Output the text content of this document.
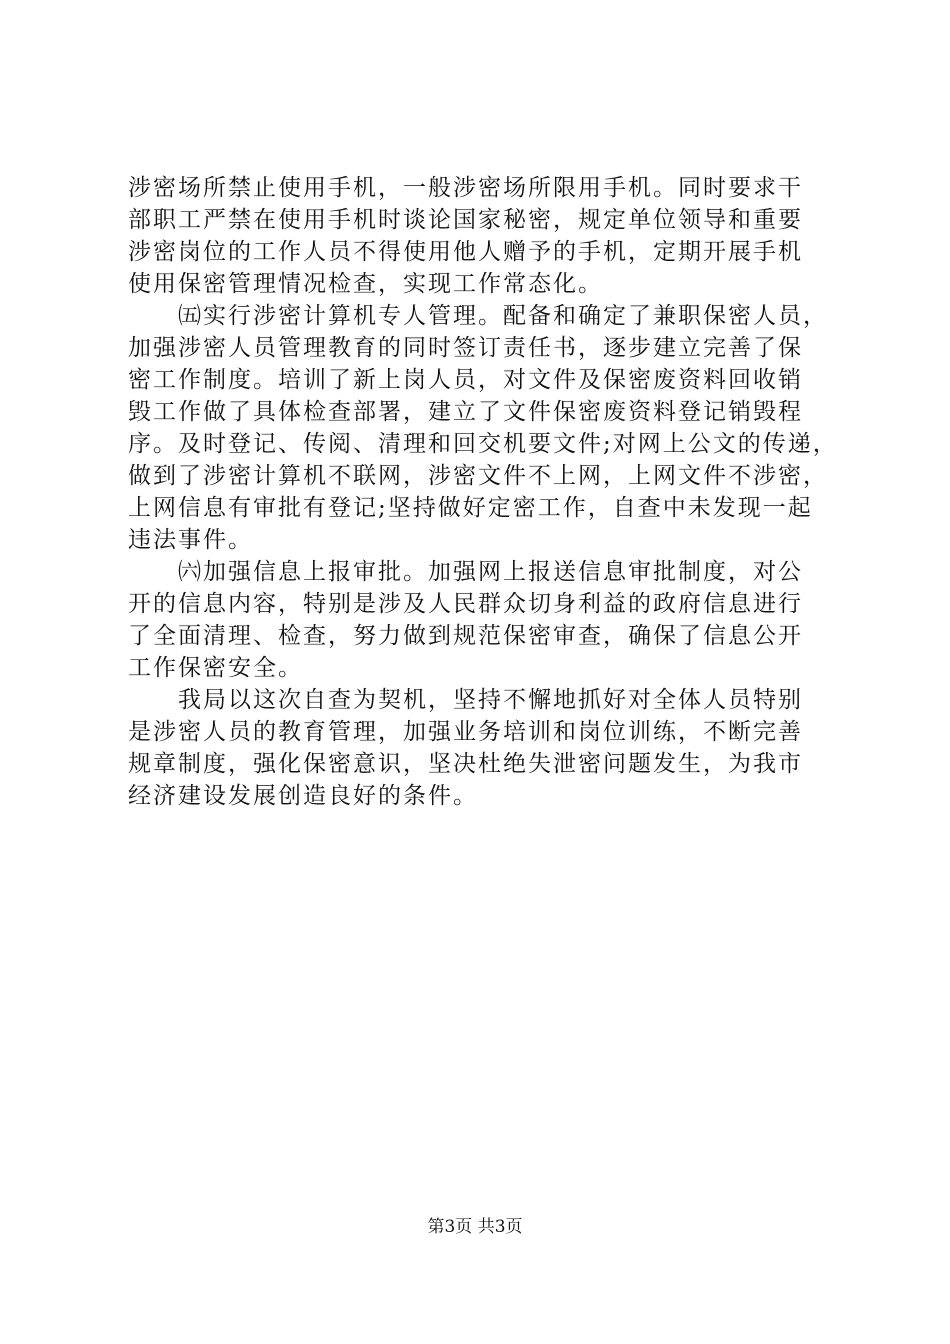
涉密场所禁止使用手机，一般涉密场所限用手机。同时要求干
部职工严禁在使用手机时谈论国家秘密，规定单位领导和重要
涉密岗位的工作人员不得使用他人赠予的手机，定期开展手机
使用保密管理情况检查，实现工作常态化。
　　㈤实行涉密计算机专人管理。配备和确定了兼职保密人员，
加强涉密人员管理教育的同时签订责任书，逐步建立完善了保
密工作制度。培训了新上岗人员，对文件及保密废资料回收销
毁工作做了具体检查部署，建立了文件保密废资料登记销毁程
序。及时登记、传阅、清理和回交机要文件;对网上公文的传递，
做到了涉密计算机不联网，涉密文件不上网，上网文件不涉密，
上网信息有审批有登记;坚持做好定密工作，自查中未发现一起
违法事件。
　　㈥加强信息上报审批。加强网上报送信息审批制度，对公
开的信息内容，特别是涉及人民群众切身利益的政府信息进行
了全面清理、检查，努力做到规范保密审查，确保了信息公开
工作保密安全。
　　我局以这次自查为契机，坚持不懈地抓好对全体人员特别
是涉密人员的教育管理，加强业务培训和岗位训练，不断完善
规章制度，强化保密意识，坚决杜绝失泄密问题发生，为我市
经济建设发展创造良好的条件。
第3页 共3页
